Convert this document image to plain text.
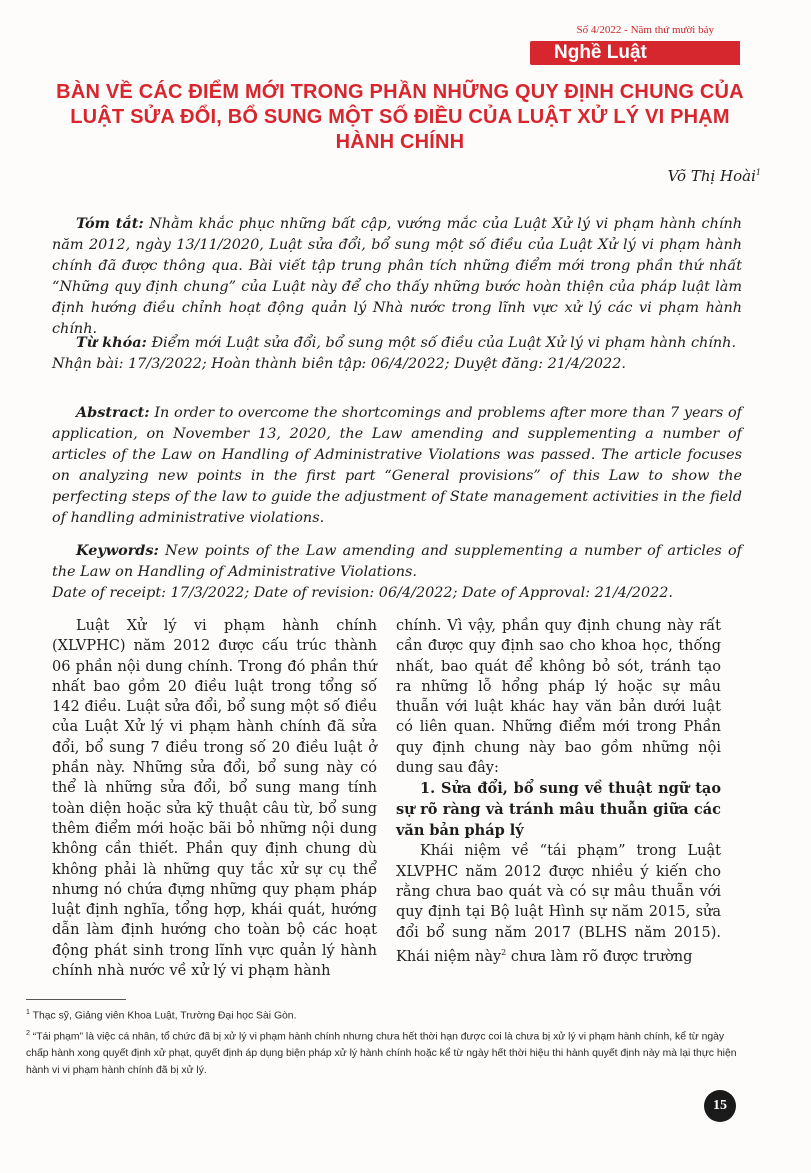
Số 4/2022 - Năm thứ mười bảy
Nghề Luật
BÀN VỀ CÁC ĐIỂM MỚI TRONG PHẦN NHỮNG QUY ĐỊNH CHUNG CỦA LUẬT SỬA ĐỔI, BỔ SUNG MỘT SỐ ĐIỀU CỦA LUẬT XỬ LÝ VI PHẠM HÀNH CHÍNH
Võ Thị Hoài$^1$

Tóm tắt: Nhằm khắc phục những bất cập, vướng mắc của Luật Xử lý vi phạm hành chính năm 2012, ngày 13/11/2020, Luật sửa đổi, bổ sung một số điều của Luật Xử lý vi phạm hành chính đã được thông qua. Bài viết tập trung phân tích những điểm mới trong phần thứ nhất “Những quy định chung” của Luật này để cho thấy những bước hoàn thiện của pháp luật làm định hướng điều chỉnh hoạt động quản lý Nhà nước trong lĩnh vực xử lý các vi phạm hành chính.

Từ khóa: Điểm mới Luật sửa đổi, bổ sung một số điều của Luật Xử lý vi phạm hành chính.
Nhận bài: 17/3/2022; Hoàn thành biên tập: 06/4/2022; Duyệt đăng: 21/4/2022.

Abstract: In order to overcome the shortcomings and problems after more than 7 years of application, on November 13, 2020, the Law amending and supplementing a number of articles of the Law on Handling of Administrative Violations was passed. The article focuses on analyzing new points in the first part “General provisions” of this Law to show the perfecting steps of the law to guide the adjustment of State management activities in the field of handling administrative violations.

Keywords: New points of the Law amending and supplementing a number of articles of the Law on Handling of Administrative Violations.
Date of receipt: 17/3/2022; Date of revision: 06/4/2022; Date of Approval: 21/4/2022.

Luật Xử lý vi phạm hành chính (XLVPHC) năm 2012 được cấu trúc thành 06 phần nội dung chính. Trong đó phần thứ nhất bao gồm 20 điều luật trong tổng số 142 điều. Luật sửa đổi, bổ sung một số điều của Luật Xử lý vi phạm hành chính đã sửa đổi, bổ sung 7 điều trong số 20 điều luật ở phần này. Những sửa đổi, bổ sung này có thể là những sửa đổi, bổ sung mang tính toàn diện hoặc sửa kỹ thuật câu từ, bổ sung thêm điểm mới hoặc bãi bỏ những nội dung không cần thiết. Phần quy định chung dù không phải là những quy tắc xử sự cụ thể nhưng nó chứa đựng những quy phạm pháp luật định nghĩa, tổng hợp, khái quát, hướng dẫn làm định hướng cho toàn bộ các hoạt động phát sinh trong lĩnh vực quản lý hành chính nhà nước về xử lý vi phạm hành

chính. Vì vậy, phần quy định chung này rất cần được quy định sao cho khoa học, thống nhất, bao quát để không bỏ sót, tránh tạo ra những lỗ hổng pháp lý hoặc sự mâu thuẫn với luật khác hay văn bản dưới luật có liên quan. Những điểm mới trong Phần quy định chung này bao gồm những nội dung sau đây:

1. Sửa đổi, bổ sung về thuật ngữ tạo sự rõ ràng và tránh mâu thuẫn giữa các văn bản pháp lý

Khái niệm về “tái phạm” trong Luật XLVPHC năm 2012 được nhiều ý kiến cho rằng chưa bao quát và có sự mâu thuẫn với quy định tại Bộ luật Hình sự năm 2015, sửa đổi bổ sung năm 2017 (BLHS năm 2015). Khái niệm này$^2$ chưa làm rõ được trường

$^1$ Thạc sỹ, Giảng viên Khoa Luật, Trường Đại học Sài Gòn.

$^2$ “Tái phạm” là việc cá nhân, tổ chức đã bị xử lý vi phạm hành chính nhưng chưa hết thời hạn được coi là chưa bị xử lý vi phạm hành chính, kể từ ngày chấp hành xong quyết định xử phạt, quyết định áp dụng biện pháp xử lý hành chính hoặc kể từ ngày hết thời hiệu thi hành quyết định này mà lại thực hiện hành vi vi phạm hành chính đã bị xử lý.

15
